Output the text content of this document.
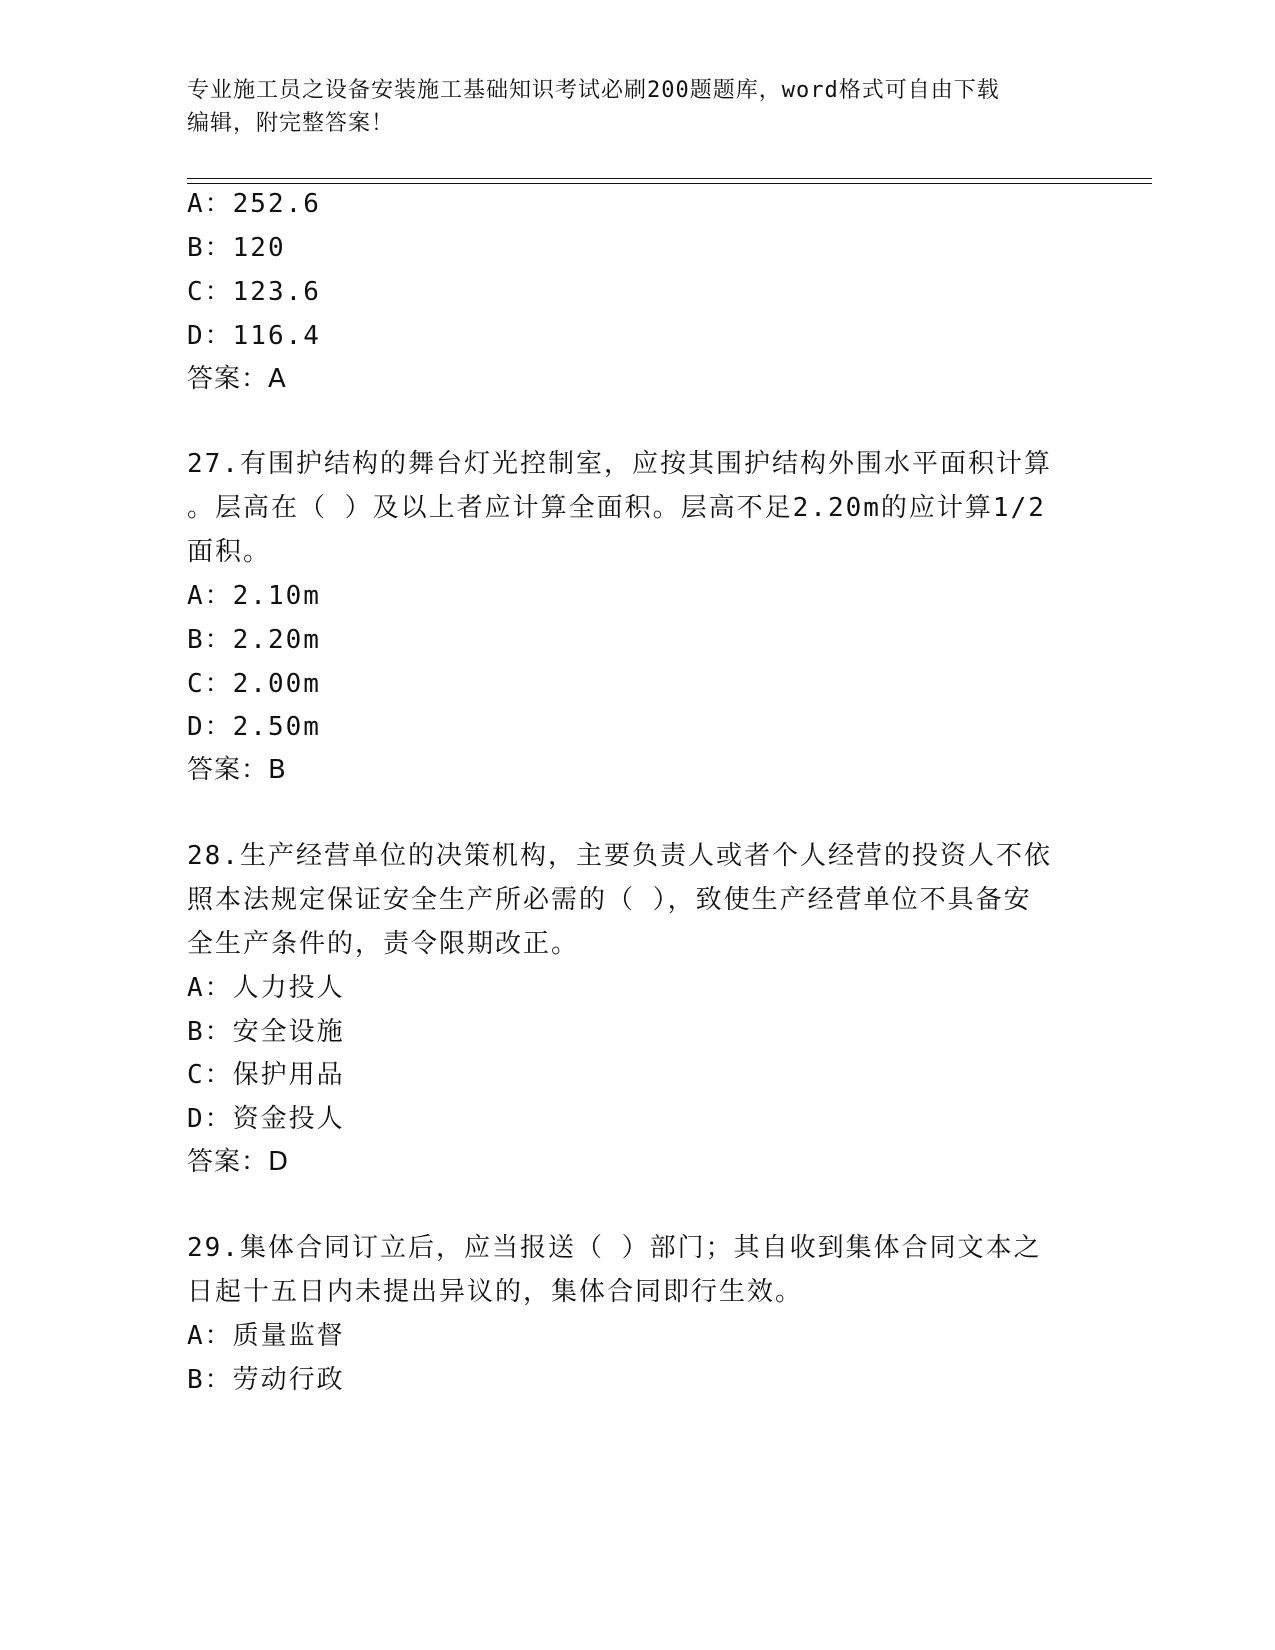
专业施工员之设备安装施工基础知识考试必刷200题题库，word格式可自由下载
编辑，附完整答案！
A：252.6
B：120
C：123.6
D：116.4
答案：A
27.有围护结构的舞台灯光控制室，应按其围护结构外围水平面积计算
。层高在（ ）及以上者应计算全面积。层高不足2.20m的应计算1/2
面积。
A：2.10m
B：2.20m
C：2.00m
D：2.50m
答案：B
28.生产经营单位的决策机构，主要负责人或者个人经营的投资人不依
照本法规定保证安全生产所必需的（ ），致使生产经营单位不具备安
全生产条件的，责令限期改正。
A：人力投人
B：安全设施
C：保护用品
D：资金投人
答案：D
29.集体合同订立后，应当报送（ ）部门；其自收到集体合同文本之
日起十五日内未提出异议的，集体合同即行生效。
A：质量监督
B：劳动行政
